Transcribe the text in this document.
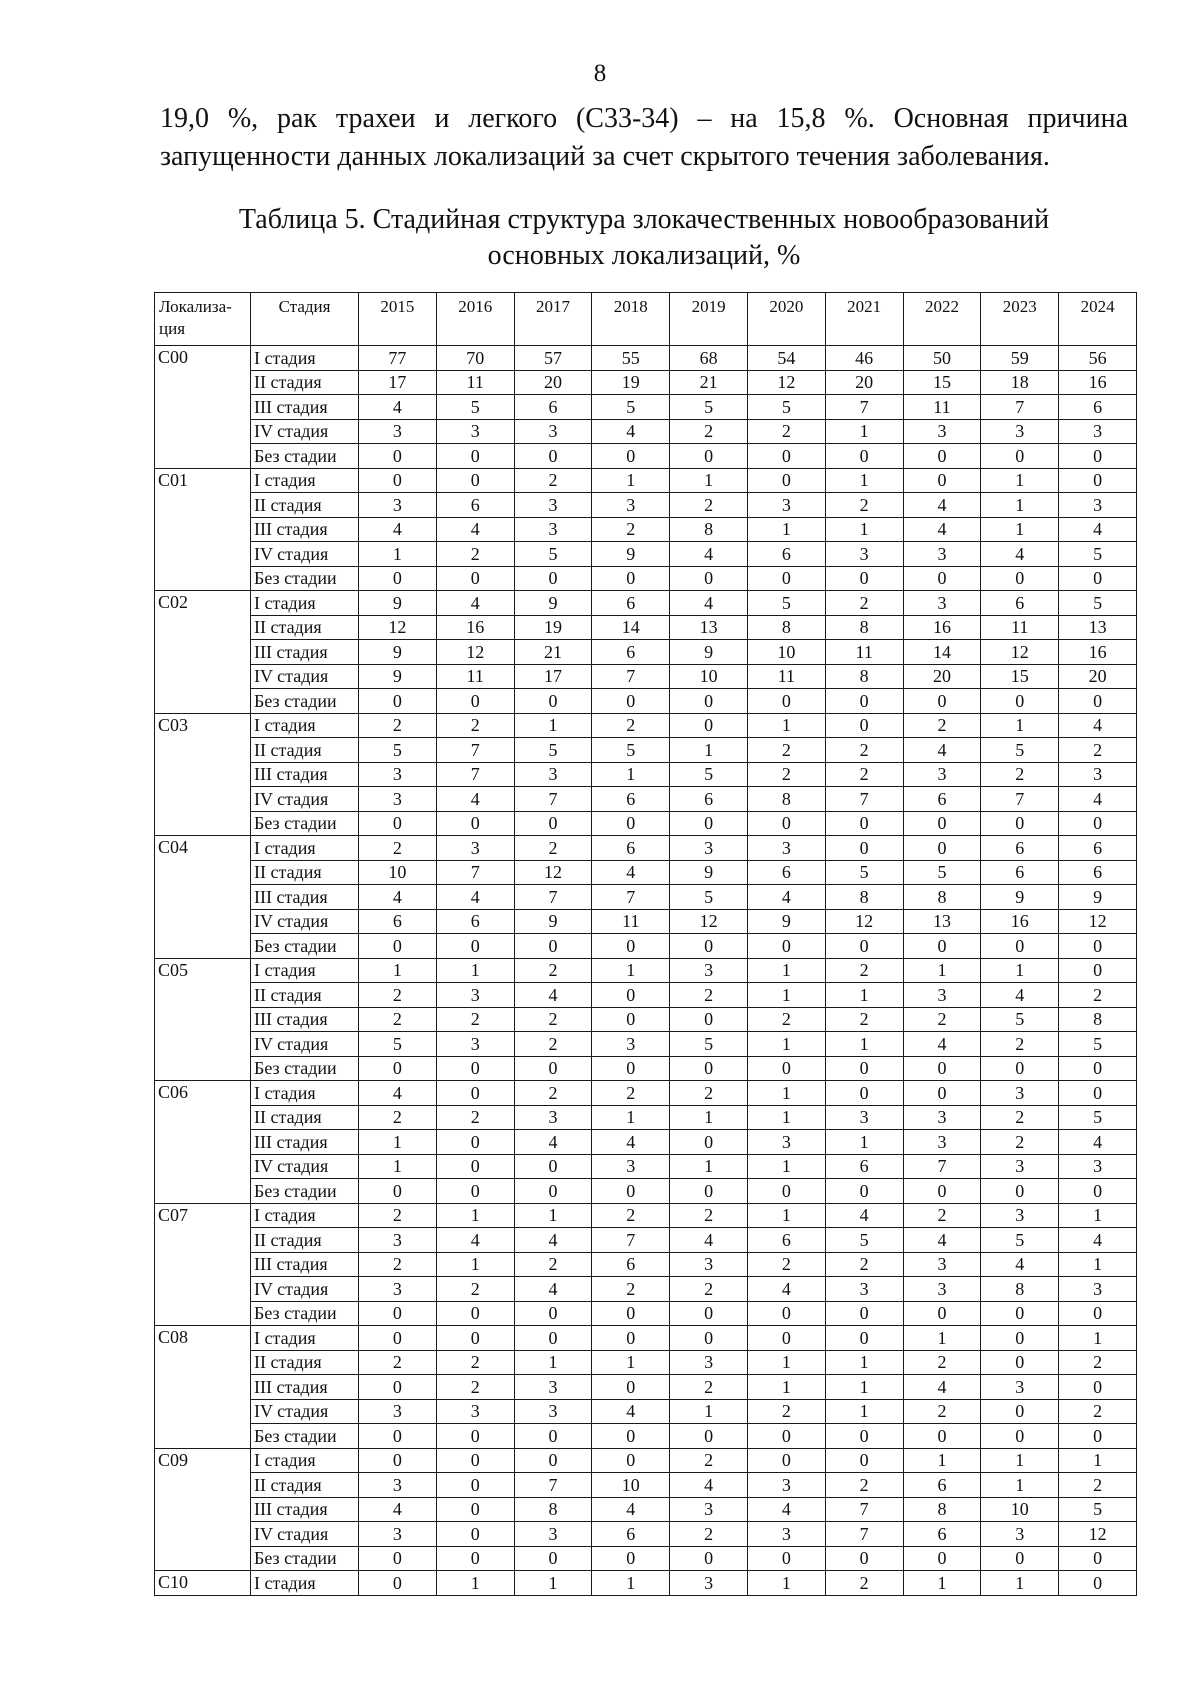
8
19,0 %, рак трахеи и легкого (С33-34) – на 15,8 %. Основная причина запущенности данных локализаций за счет скрытого течения заболевания.
Таблица 5. Стадийная структура злокачественных новообразований
основных локализаций, %
Локализа-
ция	Стадия	2015	2016	2017	2018	2019	2020	2021	2022	2023	2024
С00	I стадия	77	70	57	55	68	54	46	50	59	56
	II стадия	17	11	20	19	21	12	20	15	18	16
	III стадия	4	5	6	5	5	5	7	11	7	6
	IV стадия	3	3	3	4	2	2	1	3	3	3
	Без стадии	0	0	0	0	0	0	0	0	0	0
С01	I стадия	0	0	2	1	1	0	1	0	1	0
	II стадия	3	6	3	3	2	3	2	4	1	3
	III стадия	4	4	3	2	8	1	1	4	1	4
	IV стадия	1	2	5	9	4	6	3	3	4	5
	Без стадии	0	0	0	0	0	0	0	0	0	0
С02	I стадия	9	4	9	6	4	5	2	3	6	5
	II стадия	12	16	19	14	13	8	8	16	11	13
	III стадия	9	12	21	6	9	10	11	14	12	16
	IV стадия	9	11	17	7	10	11	8	20	15	20
	Без стадии	0	0	0	0	0	0	0	0	0	0
С03	I стадия	2	2	1	2	0	1	0	2	1	4
	II стадия	5	7	5	5	1	2	2	4	5	2
	III стадия	3	7	3	1	5	2	2	3	2	3
	IV стадия	3	4	7	6	6	8	7	6	7	4
	Без стадии	0	0	0	0	0	0	0	0	0	0
С04	I стадия	2	3	2	6	3	3	0	0	6	6
	II стадия	10	7	12	4	9	6	5	5	6	6
	III стадия	4	4	7	7	5	4	8	8	9	9
	IV стадия	6	6	9	11	12	9	12	13	16	12
	Без стадии	0	0	0	0	0	0	0	0	0	0
С05	I стадия	1	1	2	1	3	1	2	1	1	0
	II стадия	2	3	4	0	2	1	1	3	4	2
	III стадия	2	2	2	0	0	2	2	2	5	8
	IV стадия	5	3	2	3	5	1	1	4	2	5
	Без стадии	0	0	0	0	0	0	0	0	0	0
С06	I стадия	4	0	2	2	2	1	0	0	3	0
	II стадия	2	2	3	1	1	1	3	3	2	5
	III стадия	1	0	4	4	0	3	1	3	2	4
	IV стадия	1	0	0	3	1	1	6	7	3	3
	Без стадии	0	0	0	0	0	0	0	0	0	0
С07	I стадия	2	1	1	2	2	1	4	2	3	1
	II стадия	3	4	4	7	4	6	5	4	5	4
	III стадия	2	1	2	6	3	2	2	3	4	1
	IV стадия	3	2	4	2	2	4	3	3	8	3
	Без стадии	0	0	0	0	0	0	0	0	0	0
С08	I стадия	0	0	0	0	0	0	0	1	0	1
	II стадия	2	2	1	1	3	1	1	2	0	2
	III стадия	0	2	3	0	2	1	1	4	3	0
	IV стадия	3	3	3	4	1	2	1	2	0	2
	Без стадии	0	0	0	0	0	0	0	0	0	0
С09	I стадия	0	0	0	0	2	0	0	1	1	1
	II стадия	3	0	7	10	4	3	2	6	1	2
	III стадия	4	0	8	4	3	4	7	8	10	5
	IV стадия	3	0	3	6	2	3	7	6	3	12
	Без стадии	0	0	0	0	0	0	0	0	0	0
С10	I стадия	0	1	1	1	3	1	2	1	1	0
